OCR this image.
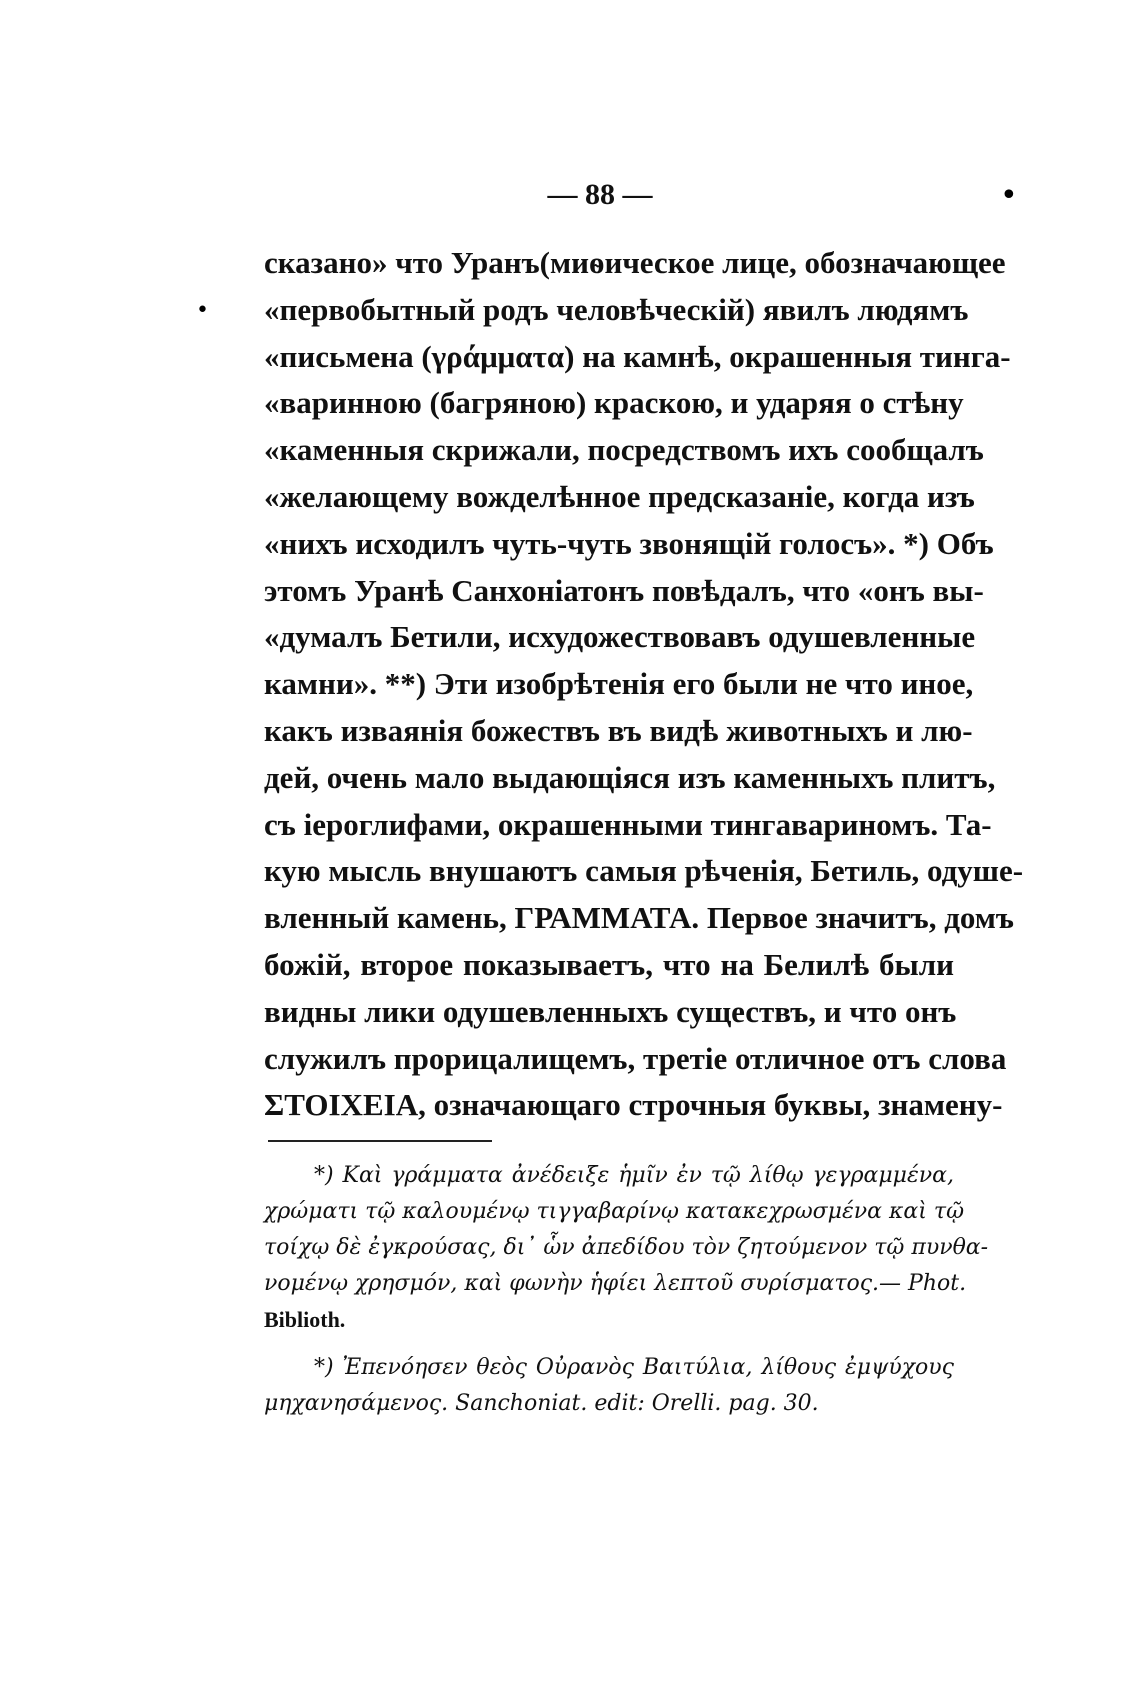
— 88 —	•
•
сказано» что Уранъ(миѳическое лице, обозначающее
«первобытный родъ человѣческій) явилъ людямъ
«письмена (γράμματα) на камнѣ, окрашенныя тинга-
«варинною (багряною) краскою, и ударяя о стѣну
«каменныя скрижали, посредствомъ ихъ сообщалъ
«желающему вожделѣнное предсказаніе, когда изъ
«нихъ исходилъ чуть-чуть звонящій голосъ». *) Объ
этомъ Уранѣ Санхоніатонъ повѣдалъ, что «онъ вы-
«думалъ Бетили, исхудожествовавъ одушевленные
камни». **) Эти изобрѣтенія его были не что иное,
какъ изваянія божествъ въ видѣ животныхъ и лю-
дей, очень мало выдающіяся изъ каменныхъ плитъ,
съ іероглифами, окрашенными тингавариномъ. Та-
кую мысль внушаютъ самыя рѣченія, Бетиль, одуше-
вленный камень, ГРАММАТА. Первое значитъ, домъ
божій, второе показываетъ, что на Белилѣ были
видны лики одушевленныхъ существъ, и что онъ
служилъ прорицалищемъ, третіе отличное отъ слова
ΣΤΟΙΧΕΙΑ, означающаго строчныя буквы, знамену-
*) Καὶ γράμματα ἀνέδειξε ἡμῖν ἐν τῷ λίθῳ γεγραμμένα,
χρώματι τῷ καλουμένῳ τιγγαβαρίνῳ κατακεχρωσμένα καὶ τῷ
τοίχῳ δὲ ἐγκρούσας, δι᾽ ὧν ἀπεδίδου τὸν ζητούμενον τῷ πυνθα-
νομένῳ χρησμόν, καὶ φωνὴν ἡφίει λεπτοῦ συρίσματος.— Phot.
Biblioth.
*) Ἐπενόησεν θεὸς Οὐρανὸς Βαιτύλια, λίθους ἐμψύχους
μηχανησάμενος. Sanchoniat. edit: Orelli. pag. 30.
